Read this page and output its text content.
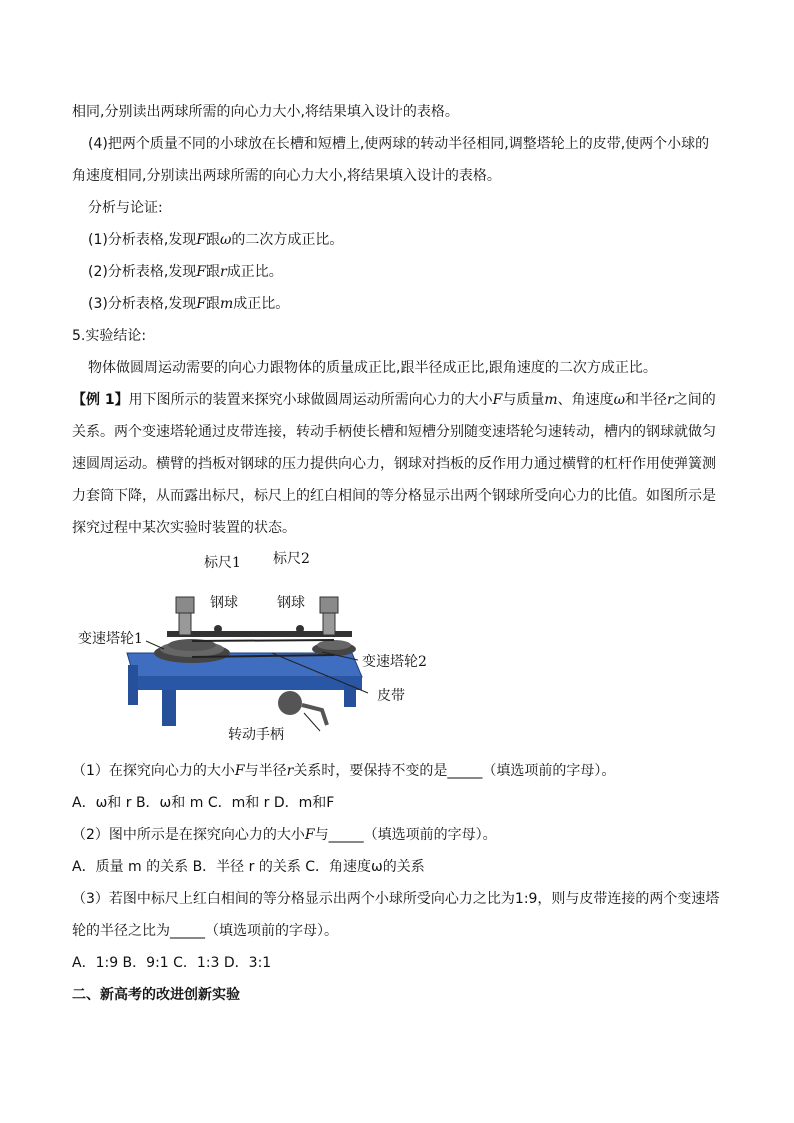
相同,分别读出两球所需的向心力大小,将结果填入设计的表格。
(4)把两个质量不同的小球放在长槽和短槽上,使两球的转动半径相同,调整塔轮上的皮带,使两个小球的
角速度相同,分别读出两球所需的向心力大小,将结果填入设计的表格。
分析与论证:
(1)分析表格,发现F跟ω的二次方成正比。
(2)分析表格,发现F跟r成正比。
(3)分析表格,发现F跟m成正比。
5.实验结论:
物体做圆周运动需要的向心力跟物体的质量成正比,跟半径成正比,跟角速度的二次方成正比。
【例 1】用下图所示的装置来探究小球做圆周运动所需向心力的大小F与质量m、角速度ω和半径r之间的
关系。两个变速塔轮通过皮带连接，转动手柄使长槽和短槽分别随变速塔轮匀速转动，槽内的钢球就做匀
速圆周运动。横臂的挡板对钢球的压力提供向心力，钢球对挡板的反作用力通过横臂的杠杆作用使弹簧测
力套筒下降，从而露出标尺，标尺上的红白相间的等分格显示出两个钢球所受向心力的比值。如图所示是
探究过程中某次实验时装置的状态。
标尺1 标尺2
钢球	钢球
变速塔轮1
变速塔轮2
皮带
转动手柄
（1）在探究向心力的大小F与半径r关系时，要保持不变的是_____（填选项前的字母）。
A．ω和 r B．ω和 m C．m和 r D．m和F
（2）图中所示是在探究向心力的大小F与_____（填选项前的字母）。
A．质量 m 的关系 B．半径 r 的关系 C．角速度ω的关系
（3）若图中标尺上红白相间的等分格显示出两个小球所受向心力之比为1:9，则与皮带连接的两个变速塔
轮的半径之比为_____（填选项前的字母）。
A．1:9 B．9:1 C．1:3 D．3:1
二、新高考的改进创新实验
